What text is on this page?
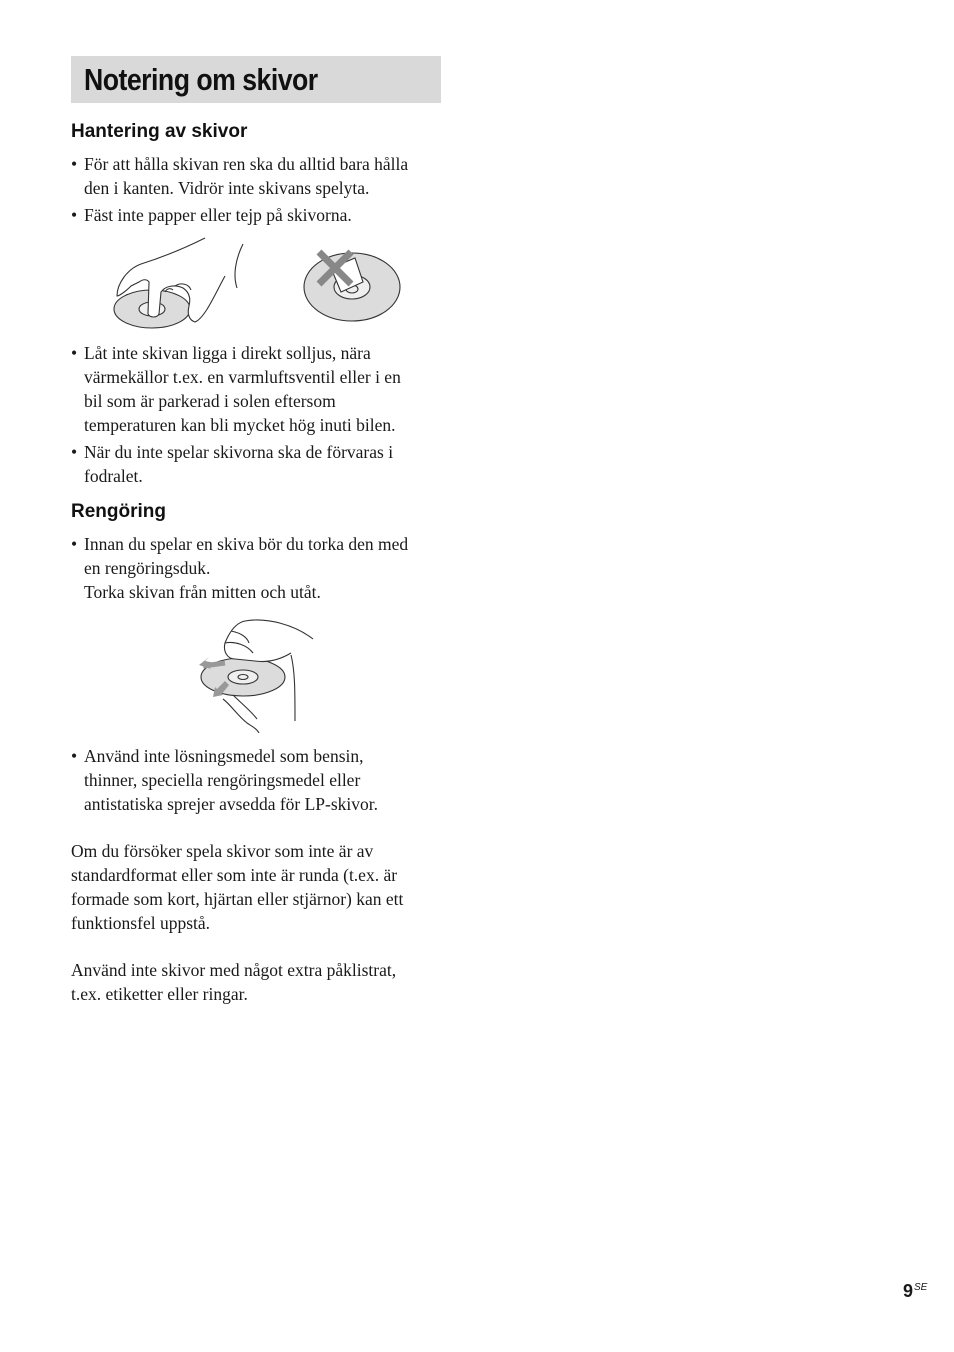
Notering om skivor
Hantering av skivor
• För att hålla skivan ren ska du alltid bara hålla
den i kanten. Vidrör inte skivans spelyta.
• Fäst inte papper eller tejp på skivorna.
• Låt inte skivan ligga i direkt solljus, nära
värmekällor t.ex. en varmluftsventil eller i en
bil som är parkerad i solen eftersom
temperaturen kan bli mycket hög inuti bilen.
• När du inte spelar skivorna ska de förvaras i
fodralet.
Rengöring
• Innan du spelar en skiva bör du torka den med
en rengöringsduk.
Torka skivan från mitten och utåt.
• Använd inte lösningsmedel som bensin,
thinner, speciella rengöringsmedel eller
antistatiska sprejer avsedda för LP-skivor.

Om du försöker spela skivor som inte är av
standardformat eller som inte är runda (t.ex. är
formade som kort, hjärtan eller stjärnor) kan ett
funktionsfel uppstå.

Använd inte skivor med något extra påklistrat,
t.ex. etiketter eller ringar.

$9^{SE}$
